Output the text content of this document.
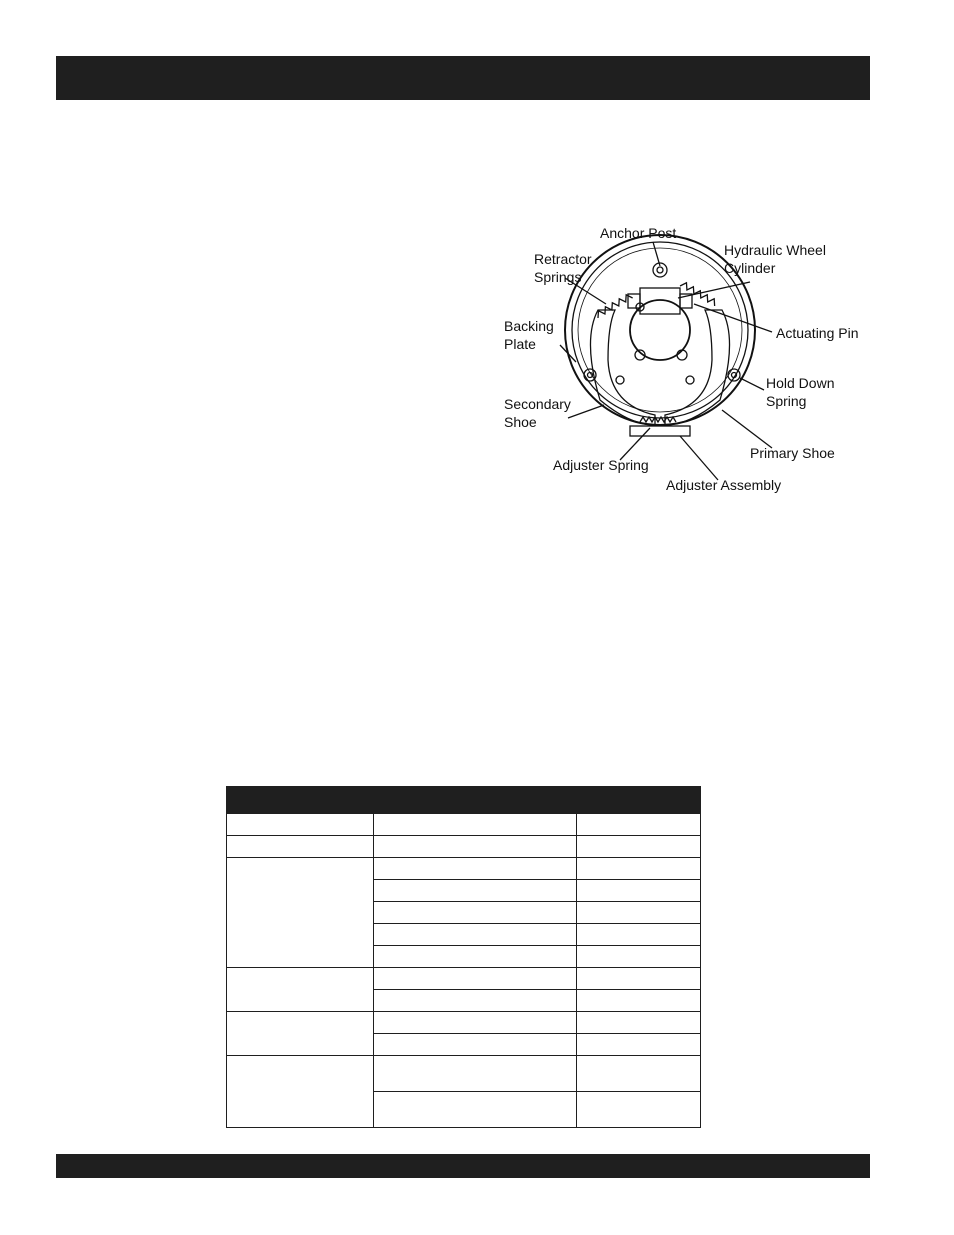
Anchor Post
Hydraulic Wheel Cylinder
Retractor Springs
Actuating Pin
Backing Plate
Hold Down Spring
Secondary Shoe
Primary Shoe
Adjuster Spring
Adjuster Assembly
